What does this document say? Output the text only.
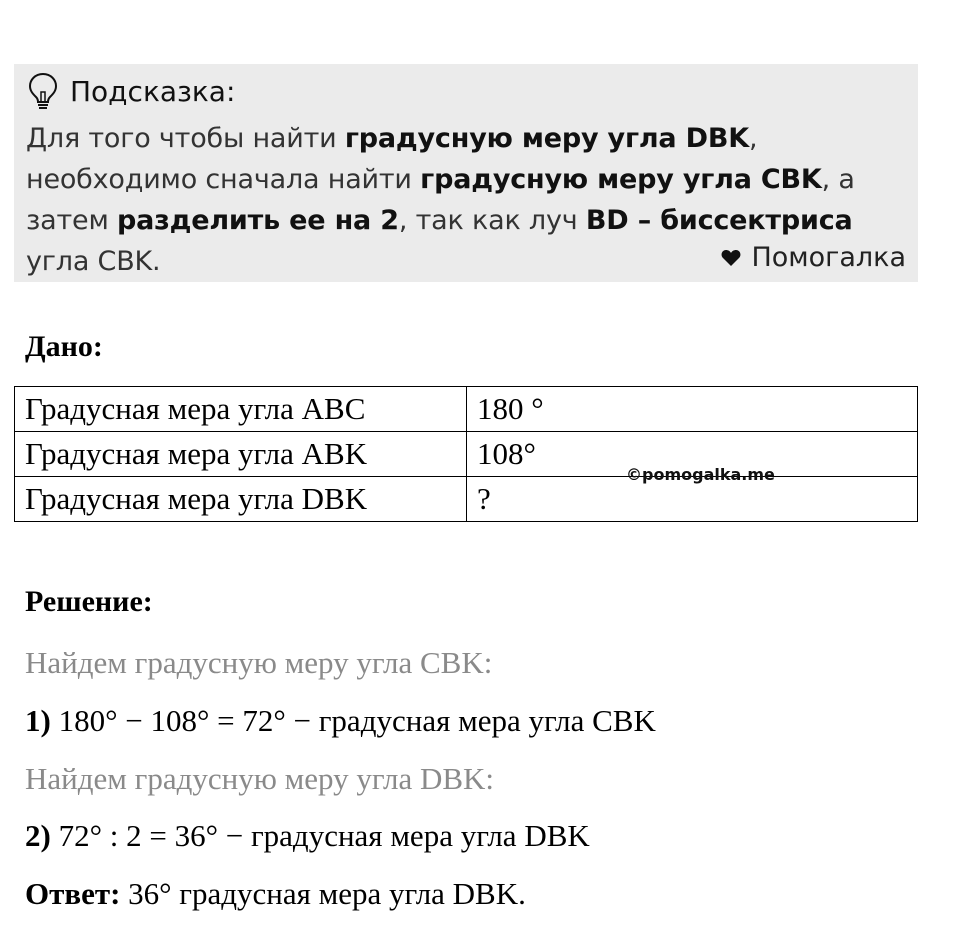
Подсказка:
Для того чтобы найти градусную меру угла DBK, необходимо сначала найти градусную меру угла CBK, а затем разделить ее на 2, так как луч BD – биссектриса угла CBK.	Помогалка
Дано:
Градусная мера угла ABC	180 °
Градусная мера угла ABK	108°
Градусная мера угла DBK	?
©pomogalka.me
Решение:
Найдем градусную меру угла CBK:
1) 180° − 108° = 72° − градусная мера угла CBK
Найдем градусную меру угла DBK:
2) 72° : 2 = 36° − градусная мера угла DBK
Ответ: 36° градусная мера угла DBK.
